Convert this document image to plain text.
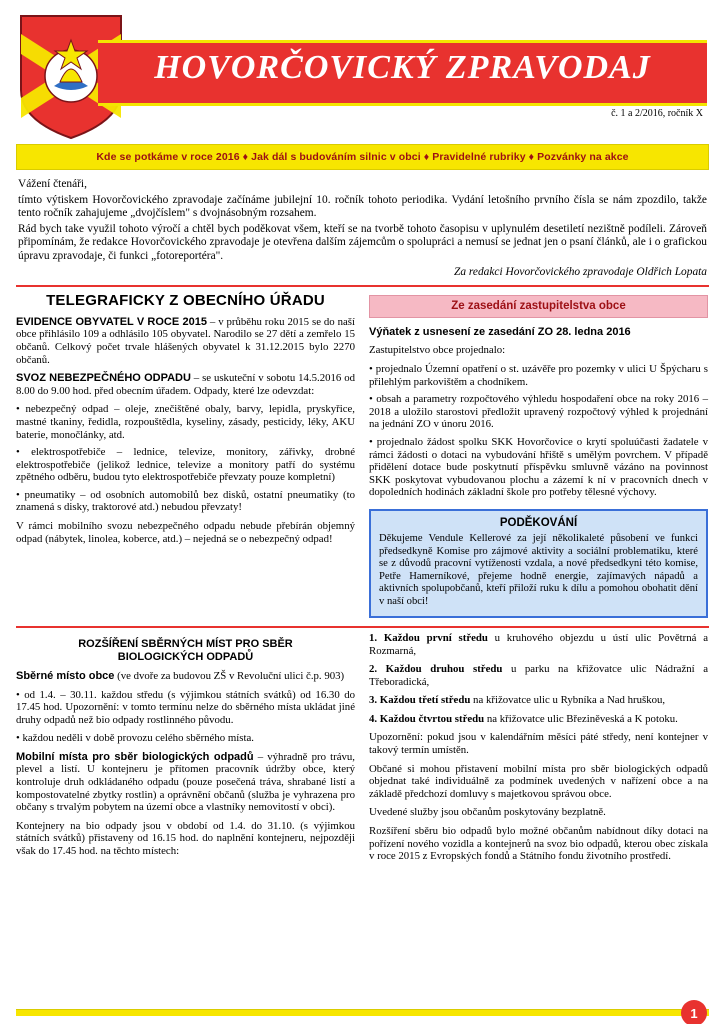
HOVORČOVICKÝ ZPRAVODAJ
č. 1 a 2/2016, ročník X
Kde se potkáme v roce 2016 ♦ Jak dál s budováním silnic v obci ♦ Pravidelné rubriky ♦ Pozvánky na akce

Vážení čtenáři,

tímto výtiskem Hovorčovického zpravodaje začínáme jubilejní 10. ročník tohoto periodika. Vydání letošního prvního čísla se nám zpozdilo, takže tento ročník zahajujeme „dvojčíslem" s dvojnásobným rozsahem.

Rád bych take využil tohoto výročí a chtěl bych poděkovat všem, kteří se na tvorbě tohoto časopisu v uplynulém desetiletí nezištně podíleli. Zároveň připomínám, že redakce Hovorčovického zpravodaje je otevřena dalším zájemcům o spolupráci a nemusí se jednat jen o psaní článků, ale i o grafickou úpravu zpravodaje, či funkci „fotoreportéra".

Za redakci Hovorčovického zpravodaje Oldřich Lopata

TELEGRAFICKY Z OBECNÍHO ÚŘADU

EVIDENCE OBYVATEL V ROCE 2015 – v průběhu roku 2015 se do naší obce přihlásilo 109 a odhlásilo 105 obyvatel. Narodilo se 27 dětí a zemřelo 15 občanů. Celkový počet trvale hlášených obyvatel k 31.12.2015 bylo 2270 občanů.

SVOZ NEBEZPEČNÉHO ODPADU – se uskuteční v sobotu 14.5.2016 od 8.00 do 9.00 hod. před obecním úřadem. Odpady, které lze odevzdat:

• nebezpečný odpad – oleje, znečištěné obaly, barvy, lepidla, pryskyřice, mastné tkaniny, ředidla, rozpouštědla, kyseliny, zásady, pesticidy, léky, AKU baterie, monočlánky, atd.
• elektrospotřebiče – lednice, televize, monitory, zářivky, drobné elektrospotřebiče (jelikož lednice, televize a monitory patří do systému zpětného odběru, budou tyto elektrospotřebiče převzaty pouze kompletní)
• pneumatiky – od osobních automobilů bez disků, ostatní pneumatiky (to znamená s disky, traktorové atd.) nebudou převzaty!

V rámci mobilního svozu nebezpečného odpadu nebude přebírán objemný odpad (nábytek, linolea, koberce, atd.) – nejedná se o nebezpečný odpad!

Ze zasedání zastupitelstva obce

Výňatek z usnesení ze zasedání ZO 28. ledna 2016

Zastupitelstvo obce projednalo:

• projednalo Územní opatření o st. uzávěře pro pozemky v ulici U Špýcharu s přilehlým parkovištěm a chodníkem.
• obsah a parametry rozpočtového výhledu hospodaření obce na roky 2016 – 2018 a uložilo starostovi předložit upravený rozpočtový výhled k projednání na jednání ZO v únoru 2016.
• projednalo žádost spolku SKK Hovorčovice o krytí spoluúčasti žadatele v rámci žádosti o dotaci na vybudování hřiště s umělým povrchem. V případě přidělení dotace bude poskytnutí příspěvku smluvně vázáno na povinnost SKK poskytovat vybudovanou plochu a zázemí k ní v pracovních dnech v dopoledních hodinách základní škole pro potřeby tělesné výchovy.
PODĚKOVÁNÍ

Děkujeme Vendule Kellerové za její několikaleté působení ve funkci předsedkyně Komise pro zájmové aktivity a sociální problematiku, které se z důvodů pracovní vytíženosti vzdala, a nové předsedkyni této komise, Petře Hamerníkové, přejeme hodně energie, zajímavých nápadů a aktivních spolupobčanů, kteří přiloží ruku k dílu a pomohou obohatit dění v naší obci!

ROZŠÍŘENÍ SBĚRNÝCH MÍST PRO SBĚR
BIOLOGICKÝCH ODPADŮ

Sběrné místo obce (ve dvoře za budovou ZŠ v Revoluční ulici č.p. 903)

• od 1.4. – 30.11. každou středu (s výjimkou státních svátků) od 16.30 do 17.45 hod. Upozornění: v tomto termínu nelze do sběrného místa ukládat jiné druhy odpadů než bio odpady rostlinného původu.

• každou neděli v době provozu celého sběrného místa.

Mobilní místa pro sběr biologických odpadů – výhradně pro trávu, plevel a listí. U kontejneru je přítomen pracovník údržby obce, který kontroluje druh odkládaného odpadu (pouze posečená tráva, shrabané listí a kompostovatelné zbytky rostlin) a oprávnění občanů (služba je vyhrazena pro občany s trvalým pobytem na území obce a vlastníky nemovitostí v obci).

Kontejnery na bio odpady jsou v období od 1.4. do 31.10. (s výjimkou státních svátků) přistaveny od 16.15 hod. do naplnění kontejneru, nejpozději však do 17.45 hod. na těchto místech:

1. Každou první středu u kruhového objezdu u ústí ulic Povětrná a Rozmarná,

2. Každou druhou středu u parku na křižovatce ulic Nádražní a Třeboradická,

3. Každou třetí středu na křižovatce ulic u Rybníka a Nad hruškou,

4. Každou čtvrtou středu na křižovatce ulic Březiněveská a K potoku.

Upozornění: pokud jsou v kalendářním měsíci páté středy, není kontejner v takový termín umístěn.

Občané si mohou přistavení mobilní místa pro sběr biologických odpadů objednat také individuálně za podmínek uvedených v nařízení obce a na základě předchozí domluvy s majetkovou správou obce.

Uvedené služby jsou občanům poskytovány bezplatně.

Rozšíření sběru bio odpadů bylo možné občanům nabídnout díky dotaci na pořízení nového vozidla a kontejnerů na svoz bio odpadů, kterou obec získala v roce 2015 z Evropských fondů a Státního fondu životního prostředí.

1
